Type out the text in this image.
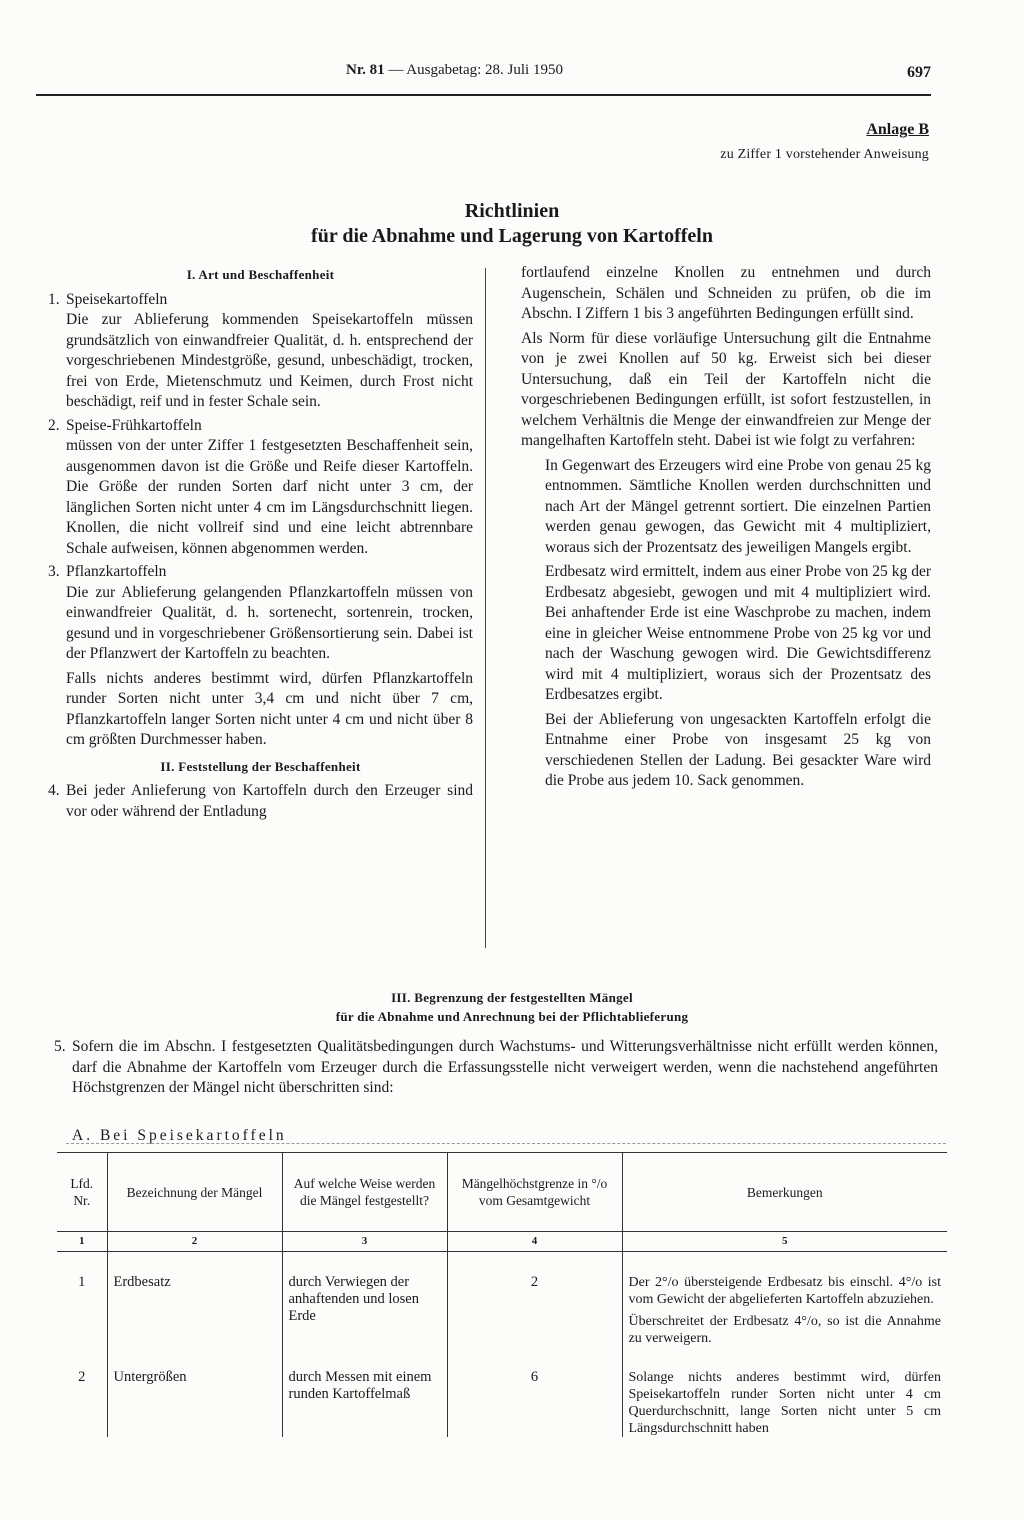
Nr. 81 — Ausgabetag: 28. Juli 1950	697
Anlage B
zu Ziffer 1 vorstehender Anweisung
Richtlinien
für die Abnahme und Lagerung von Kartoffeln
I. Art und Beschaffenheit
1. Speisekartoffeln

Die zur Ablieferung kommenden Speisekartoffeln müssen grundsätzlich von einwandfreier Qualität, d. h. entsprechend der vorgeschriebenen Mindestgröße, gesund, unbeschädigt, trocken, frei von Erde, Mietenschmutz und Keimen, durch Frost nicht beschädigt, reif und in fester Schale sein.

2. Speise-Frühkartoffeln

müssen von der unter Ziffer 1 festgesetzten Beschaffenheit sein, ausgenommen davon ist die Größe und Reife dieser Kartoffeln. Die Größe der runden Sorten darf nicht unter 3 cm, der länglichen Sorten nicht unter 4 cm im Längsdurchschnitt liegen. Knollen, die nicht vollreif sind und eine leicht abtrennbare Schale aufweisen, können abgenommen werden.

3. Pflanzkartoffeln

Die zur Ablieferung gelangenden Pflanzkartoffeln müssen von einwandfreier Qualität, d. h. sortenecht, sortenrein, trocken, gesund und in vorgeschriebener Größensortierung sein. Dabei ist der Pflanzwert der Kartoffeln zu beachten.

Falls nichts anderes bestimmt wird, dürfen Pflanzkartoffeln runder Sorten nicht unter 3,4 cm und nicht über 7 cm, Pflanzkartoffeln langer Sorten nicht unter 4 cm und nicht über 8 cm größten Durchmesser haben.

II. Feststellung der Beschaffenheit
4. Bei jeder Anlieferung von Kartoffeln durch den Erzeuger sind vor oder während der Entladung

fortlaufend einzelne Knollen zu entnehmen und durch Augenschein, Schälen und Schneiden zu prüfen, ob die im Abschn. I Ziffern 1 bis 3 angeführten Bedingungen erfüllt sind.

Als Norm für diese vorläufige Untersuchung gilt die Entnahme von je zwei Knollen auf 50 kg. Erweist sich bei dieser Untersuchung, daß ein Teil der Kartoffeln nicht die vorgeschriebenen Bedingungen erfüllt, ist sofort festzustellen, in welchem Verhältnis die Menge der einwandfreien zur Menge der mangelhaften Kartoffeln steht. Dabei ist wie folgt zu verfahren:

In Gegenwart des Erzeugers wird eine Probe von genau 25 kg entnommen. Sämtliche Knollen werden durchschnitten und nach Art der Mängel getrennt sortiert. Die einzelnen Partien werden genau gewogen, das Gewicht mit 4 multipliziert, woraus sich der Prozentsatz des jeweiligen Mangels ergibt.

Erdbesatz wird ermittelt, indem aus einer Probe von 25 kg der Erdbesatz abgesiebt, gewogen und mit 4 multipliziert wird. Bei anhaftender Erde ist eine Waschprobe zu machen, indem eine in gleicher Weise entnommene Probe von 25 kg vor und nach der Waschung gewogen wird. Die Gewichtsdifferenz wird mit 4 multipliziert, woraus sich der Prozentsatz des Erdbesatzes ergibt.

Bei der Ablieferung von ungesackten Kartoffeln erfolgt die Entnahme einer Probe von insgesamt 25 kg von verschiedenen Stellen der Ladung. Bei gesackter Ware wird die Probe aus jedem 10. Sack genommen.

III. Begrenzung der festgestellten Mängel
für die Abnahme und Anrechnung bei der Pflichtablieferung
5. Sofern die im Abschn. I festgesetzten Qualitätsbedingungen durch Wachstums- und Witterungsverhältnisse nicht erfüllt werden können, darf die Abnahme der Kartoffeln vom Erzeuger durch die Erfassungsstelle nicht verweigert werden, wenn die nachstehend angeführten Höchstgrenzen der Mängel nicht überschritten sind:

A. Bei Speisekartoffeln
Lfd. Nr.	Bezeichnung der Mängel	Auf welche Weise werden die Mängel festgestellt?	Mängelhöchstgrenze in °/o vom Gesamtgewicht	Bemerkungen
1	2	3	4	5

1	Erdbesatz	durch Verwiegen der anhaftenden und losen Erde	2	Der 2°/o übersteigende Erdbesatz bis einschl. 4°/o ist vom Gewicht der abgelieferten Kartoffeln abzuziehen.

Überschreitet der Erdbesatz 4°/o, so ist die Annahme zu verweigern.

2	Untergrößen	durch Messen mit einem runden Kartoffelmaß	6	Solange nichts anderes bestimmt wird, dürfen Speisekartoffeln runder Sorten nicht unter 4 cm Querdurchschnitt, lange Sorten nicht unter 5 cm Längsdurchschnitt haben
